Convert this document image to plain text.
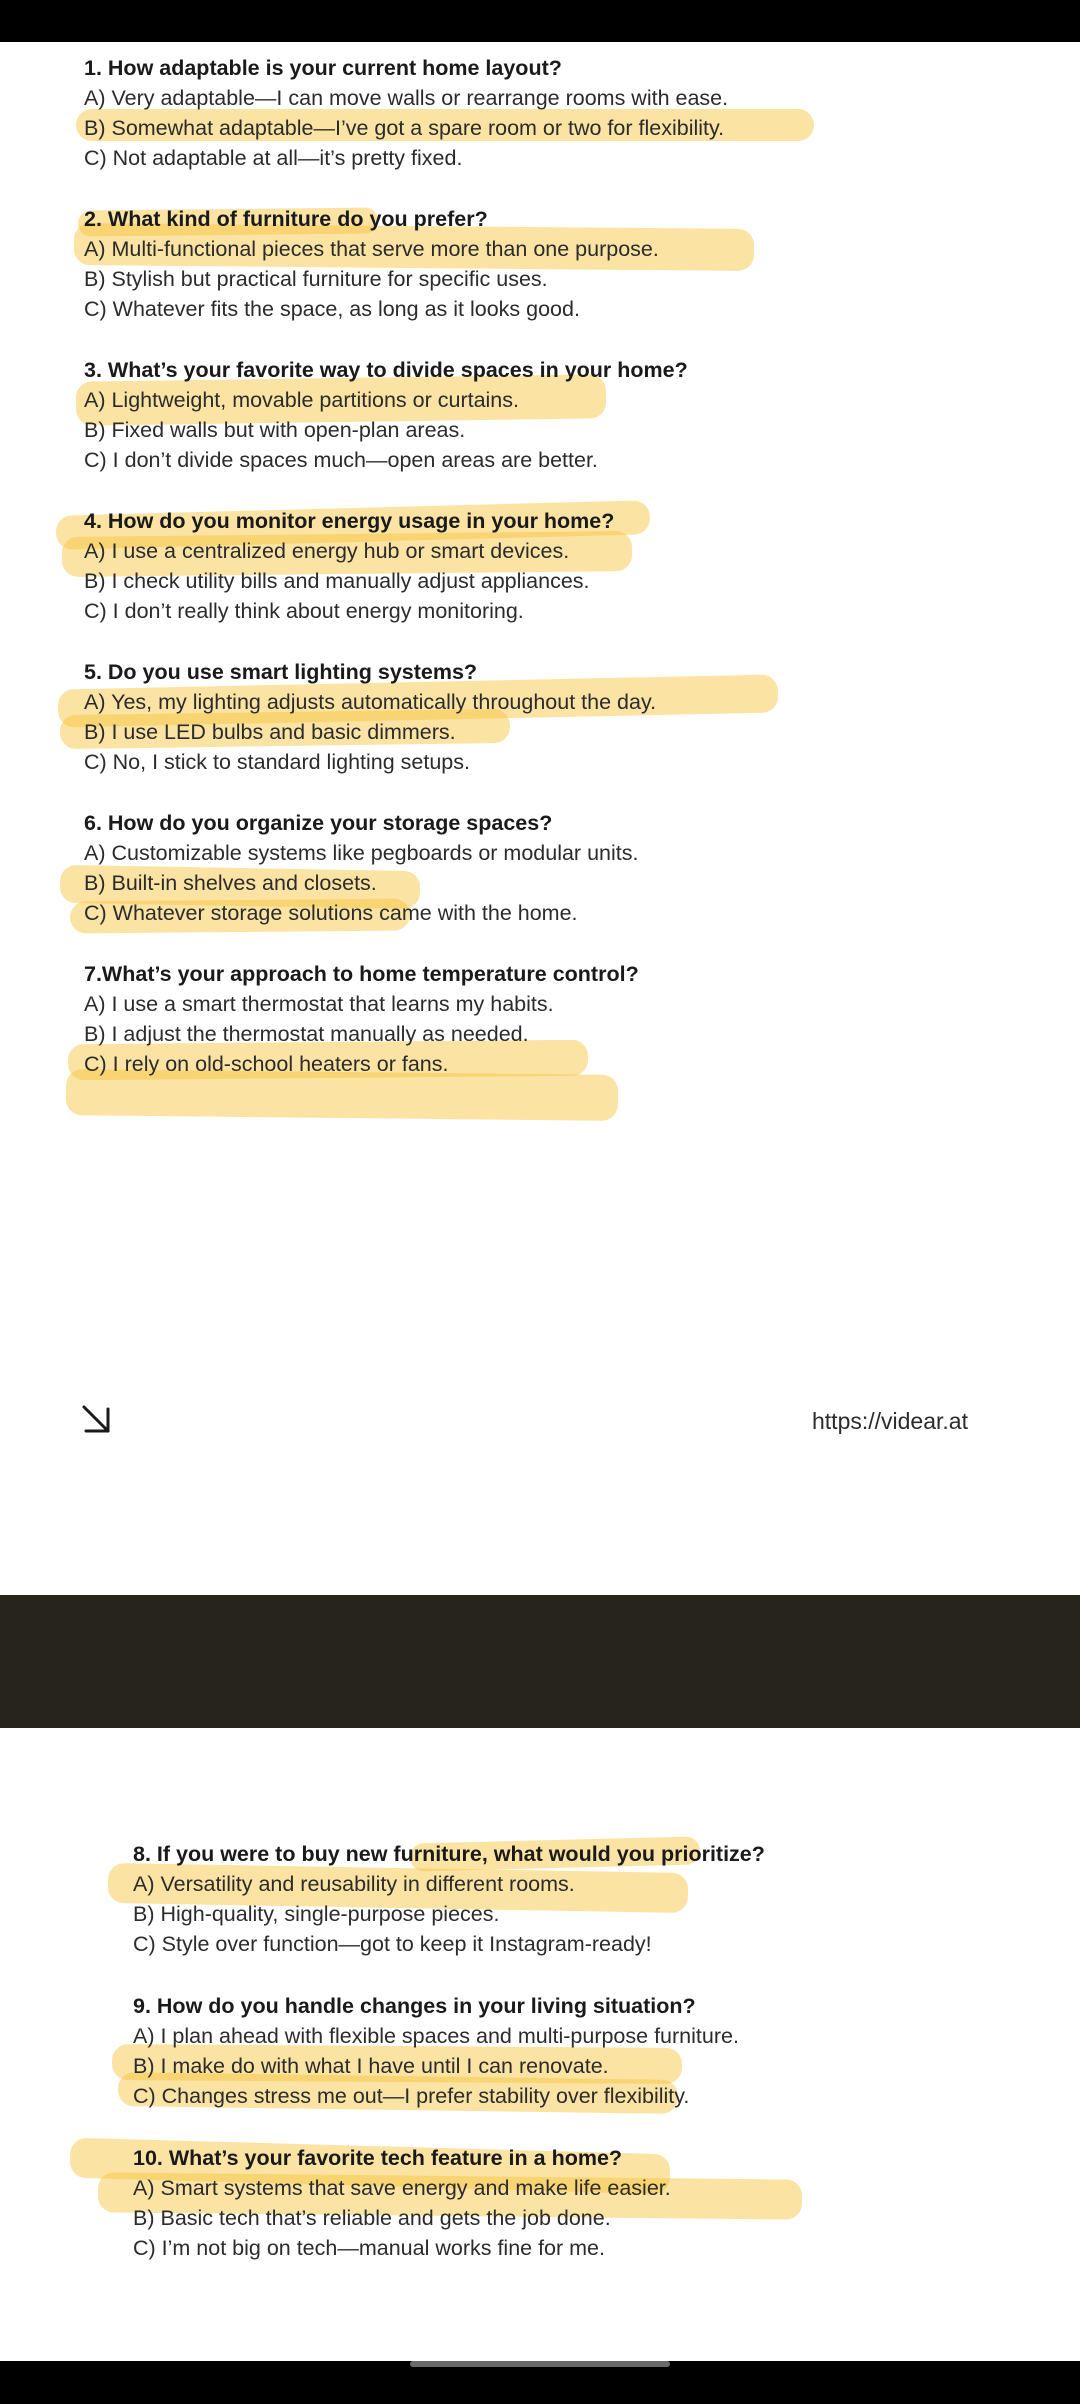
1. How adaptable is your current home layout?
A) Very adaptable—I can move walls or rearrange rooms with ease.
B) Somewhat adaptable—I’ve got a spare room or two for flexibility.
C) Not adaptable at all—it’s pretty fixed.
2. What kind of furniture do you prefer?
A) Multi-functional pieces that serve more than one purpose.
B) Stylish but practical furniture for specific uses.
C) Whatever fits the space, as long as it looks good.
3. What’s your favorite way to divide spaces in your home?
A) Lightweight, movable partitions or curtains.
B) Fixed walls but with open-plan areas.
C) I don’t divide spaces much—open areas are better.
4. How do you monitor energy usage in your home?
A) I use a centralized energy hub or smart devices.
B) I check utility bills and manually adjust appliances.
C) I don’t really think about energy monitoring.
5. Do you use smart lighting systems?
A) Yes, my lighting adjusts automatically throughout the day.
B) I use LED bulbs and basic dimmers.
C) No, I stick to standard lighting setups.
6. How do you organize your storage spaces?
A) Customizable systems like pegboards or modular units.
B) Built-in shelves and closets.
C) Whatever storage solutions came with the home.
7.What’s your approach to home temperature control?
A) I use a smart thermostat that learns my habits.
B) I adjust the thermostat manually as needed.
C) I rely on old-school heaters or fans.
https://videar.at
8. If you were to buy new furniture, what would you prioritize?
A) Versatility and reusability in different rooms.
B) High-quality, single-purpose pieces.
C) Style over function—got to keep it Instagram-ready!
9. How do you handle changes in your living situation?
A) I plan ahead with flexible spaces and multi-purpose furniture.
B) I make do with what I have until I can renovate.
C) Changes stress me out—I prefer stability over flexibility.
10. What’s your favorite tech feature in a home?
A) Smart systems that save energy and make life easier.
B) Basic tech that’s reliable and gets the job done.
C) I’m not big on tech—manual works fine for me.
